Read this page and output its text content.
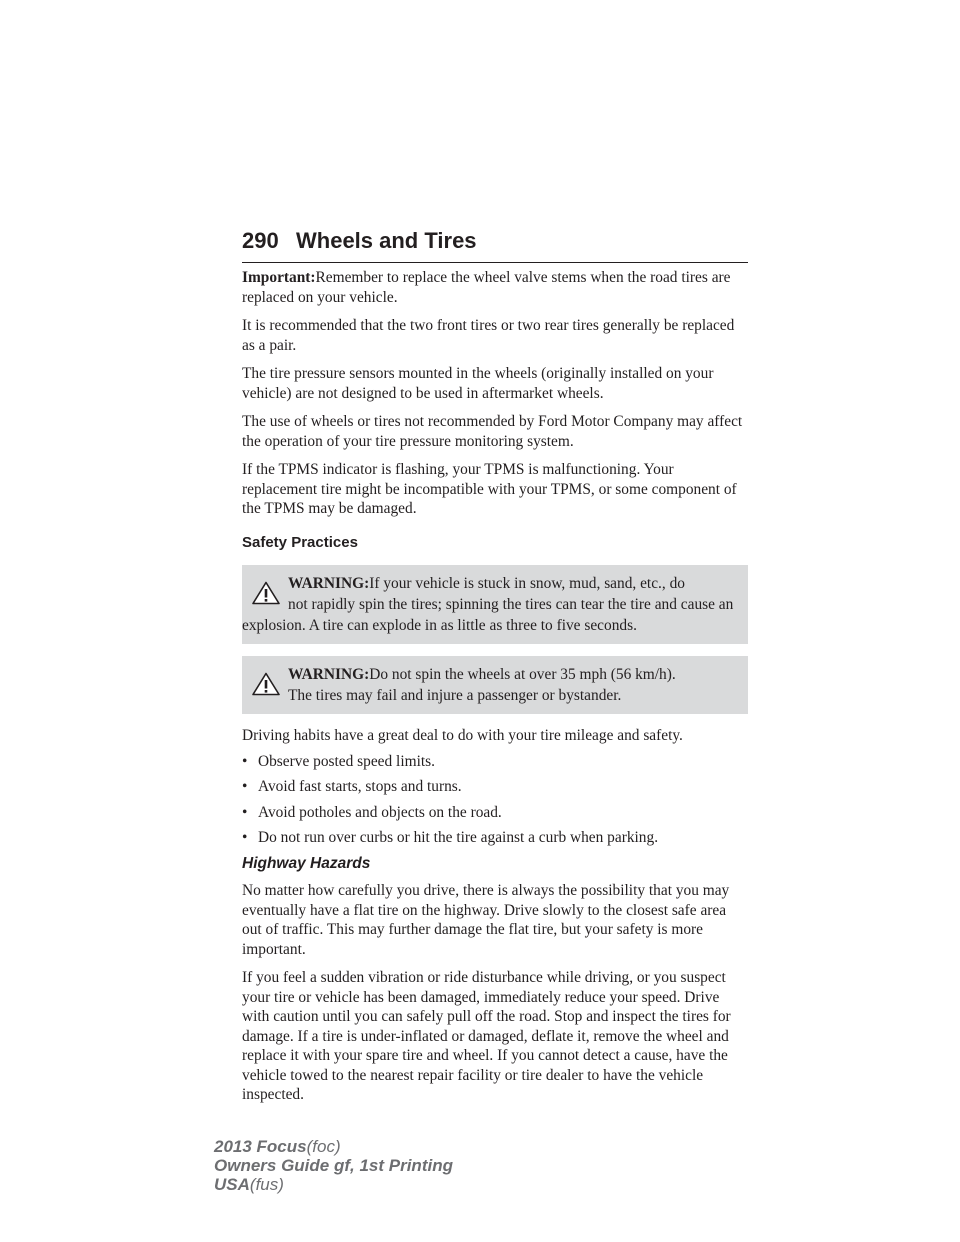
290 Wheels and Tires

Important:Remember to replace the wheel valve stems when the road tires are replaced on your vehicle.

It is recommended that the two front tires or two rear tires generally be replaced as a pair.

The tire pressure sensors mounted in the wheels (originally installed on your vehicle) are not designed to be used in aftermarket wheels.

The use of wheels or tires not recommended by Ford Motor Company may affect the operation of your tire pressure monitoring system.

If the TPMS indicator is flashing, your TPMS is malfunctioning. Your replacement tire might be incompatible with your TPMS, or some component of the TPMS may be damaged.

Safety Practices
WARNING:If your vehicle is stuck in snow, mud, sand, etc., do
not rapidly spin the tires; spinning the tires can tear the tire and cause an explosion. A tire can explode in as little as three to five seconds.
WARNING:Do not spin the wheels at over 35 mph (56 km/h).
The tires may fail and injure a passenger or bystander.

Driving habits have a great deal to do with your tire mileage and safety.

• Observe posted speed limits.
• Avoid fast starts, stops and turns.
• Avoid potholes and objects on the road.
• Do not run over curbs or hit the tire against a curb when parking.
Highway Hazards

No matter how carefully you drive, there is always the possibility that you may eventually have a flat tire on the highway. Drive slowly to the closest safe area out of traffic. This may further damage the flat tire, but your safety is more important.

If you feel a sudden vibration or ride disturbance while driving, or you suspect your tire or vehicle has been damaged, immediately reduce your speed. Drive with caution until you can safely pull off the road. Stop and inspect the tires for damage. If a tire is under-inflated or damaged, deflate it, remove the wheel and replace it with your spare tire and wheel. If you cannot detect a cause, have the vehicle towed to the nearest repair facility or tire dealer to have the vehicle inspected.

2013 Focus(foc)
Owners Guide gf, 1st Printing
USA(fus)
